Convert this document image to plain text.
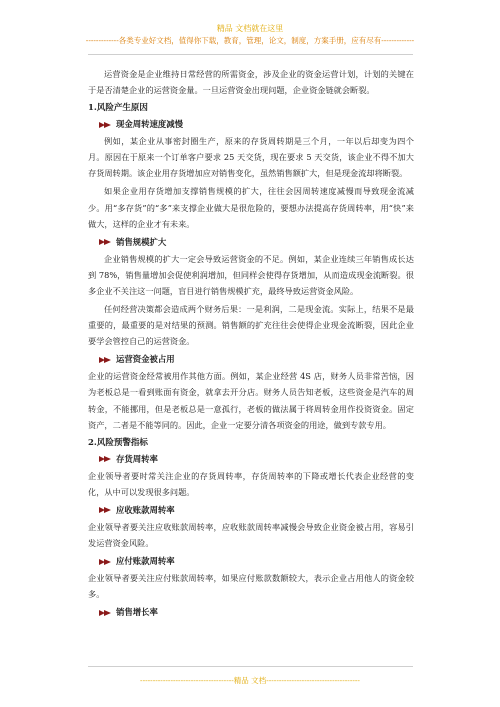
精品 文档就在这里
-------------各类专业好文档，值得你下载，教育，管理，论文，制度，方案手册，应有尽有-------------

运营资金是企业维持日常经营的所需资金，涉及企业的资金运营计划，计划的关键在于是否清楚企业的运营资金量。一旦运营资金出现问题，企业资金链就会断裂。

1.风险产生原因
现金周转速度减慢

例如，某企业从事密封圈生产，原来的存货周转期是三个月，一年以后却变为四个月。原因在于原来一个订单客户要求 25 天交货，现在要求 5 天交货，该企业不得不加大存货周转期。该企业用存货增加应对销售变化，虽然销售额扩大，但是现金流却将断裂。

如果企业用存货增加支撑销售规模的扩大，往往会因周转速度减慢而导致现金流减少。用“多存货”的“多”来支撑企业做大是很危险的，要想办法提高存货周转率，用“快”来做大，这样的企业才有未来。

销售规模扩大

企业销售规模的扩大一定会导致运营资金的不足。例如，某企业连续三年销售成长达到 78%，销售量增加会促使利润增加，但同样会使得存货增加，从而造成现金流断裂。很多企业不关注这一问题，盲目进行销售规模扩充，最终导致运营资金风险。

任何经营决策都会造成两个财务后果：一是利润，二是现金流。实际上，结果不是最重要的，最重要的是对结果的预测。销售额的扩充往往会使得企业现金流断裂，因此企业要学会管控自己的运营资金。

运营资金被占用

企业的运营资金经常被用作其他方面。例如，某企业经营 4S 店，财务人员非常苦恼，因为老板总是一看到账面有资金，就拿去开分店。财务人员告知老板，这些资金是汽车的周转金，不能挪用，但是老板总是一意孤行，老板的做法属于将周转金用作投资资金。固定资产，二者是不能等同的。因此，企业一定要分清各项资金的用途，做到专款专用。

2.风险预警指标
存货周转率

企业领导者要时常关注企业的存货周转率，存货周转率的下降或增长代表企业经营的变化，从中可以发现很多问题。

应收账款周转率

企业领导者要关注应收账款周转率，应收账款周转率减慢会导致企业资金被占用，容易引发运营资金风险。

应付账款周转率

企业领导者要关注应付账款周转率，如果应付账款数额较大，表示企业占用他人的资金较多。

销售增长率
-------------------------------------精品 文档-------------------------------------
